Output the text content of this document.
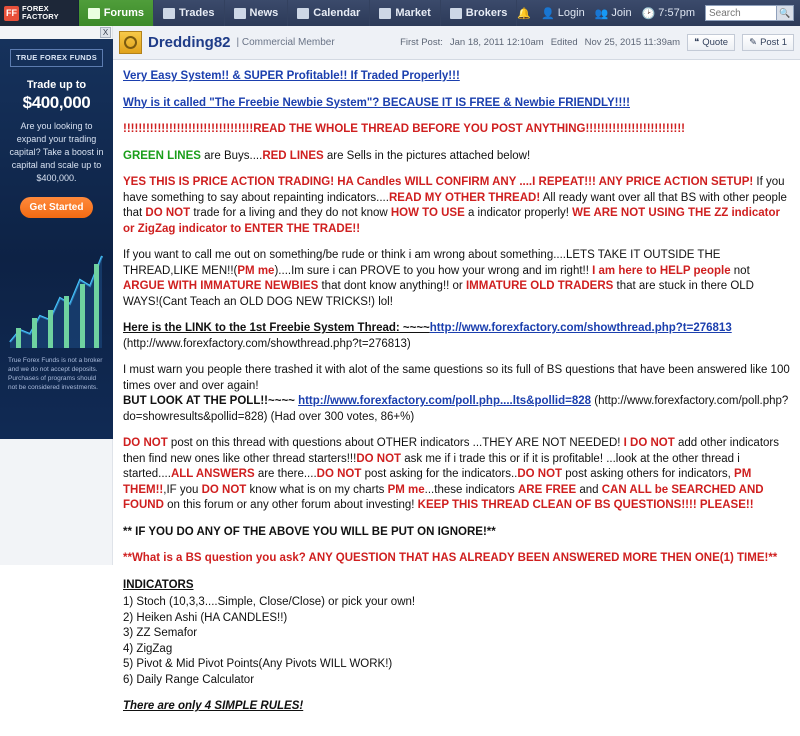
FF FOREX
FACTORY	Forums	Trades	News	Calendar	Market	Brokers 🔔 👤 Login 👥 Join 🕑 7:57pm
Search	🔍
X
TRUE FOREX FUNDS
Trade up to
$400,000
Are you looking to expand your trading capital? Take a boost in capital and scale up to $400,000.
Get Started
True Forex Funds is not a broker and we do not accept deposits. Purchases of programs should not be considered investments.
Dredding82 | Commercial Member	First Post: Jan 18, 2011 12:10am Edited Nov 25, 2015 11:39am ❝ Quote ✎ Post 1

Very Easy System!! & SUPER Profitable!! If Traded Properly!!!

Why is it called "The Freebie Newbie System"? BECAUSE IT IS FREE & Newbie FRIENDLY!!!!

!!!!!!!!!!!!!!!!!!!!!!!!!!!!!!!!!!READ THE WHOLE THREAD BEFORE YOU POST ANYTHING!!!!!!!!!!!!!!!!!!!!!!!!!!

GREEN LINES are Buys....RED LINES are Sells in the pictures attached below!

YES THIS IS PRICE ACTION TRADING! HA Candles WILL CONFIRM ANY ....I REPEAT!!! ANY PRICE ACTION SETUP! If you have something to say about repainting indicators....READ MY OTHER THREAD! All ready want over all that BS with other people that DO NOT trade for a living and they do not know HOW TO USE a indicator properly! WE ARE NOT USING THE ZZ indicator or ZigZag indicator to ENTER THE TRADE!!

If you want to call me out on something/be rude or think i am wrong about something....LETS TAKE IT OUTSIDE THE THREAD,LIKE MEN!!(PM me)....Im sure i can PROVE to you how your wrong and im right!! I am here to HELP people not ARGUE WITH IMMATURE NEWBIES that dont know anything!! or IMMATURE OLD TRADERS that are stuck in there OLD WAYS!(Cant Teach an OLD DOG NEW TRICKS!) lol!

Here is the LINK to the 1st Freebie System Thread: ~~~~http://www.forexfactory.com/showthread.php?t=276813
(http://www.forexfactory.com/showthread.php?t=276813)

I must warn you people there trashed it with alot of the same questions so its full of BS questions that have been answered like 100 times over and over again!
BUT LOOK AT THE POLL!!~~~~ http://www.forexfactory.com/poll.php....lts&pollid=828 (http://www.forexfactory.com/poll.php?do=showresults&pollid=828) (Had over 300 votes, 86+%)

DO NOT post on this thread with questions about OTHER indicators ...THEY ARE NOT NEEDED! I DO NOT add other indicators then find new ones like other thread starters!!!DO NOT ask me if i trade this or if it is profitable! ...look at the other thread i started....ALL ANSWERS are there....DO NOT post asking for the indicators..DO NOT post asking others for indicators, PM THEM!!,IF you DO NOT know what is on my charts PM me...these indicators ARE FREE and CAN ALL be SEARCHED AND FOUND on this forum or any other forum about investing! KEEP THIS THREAD CLEAN OF BS QUESTIONS!!!! PLEASE!!

** IF YOU DO ANY OF THE ABOVE YOU WILL BE PUT ON IGNORE!**

**What is a BS question you ask? ANY QUESTION THAT HAS ALREADY BEEN ANSWERED MORE THEN ONE(1) TIME!**

INDICATORS

1) Stoch (10,3,3....Simple, Close/Close) or pick your own!
2) Heiken Ashi (HA CANDLES!!)
3) ZZ Semafor
4) ZigZag
5) Pivot & Mid Pivot Points(Any Pivots WILL WORK!)
6) Daily Range Calculator

There are only 4 SIMPLE RULES!
